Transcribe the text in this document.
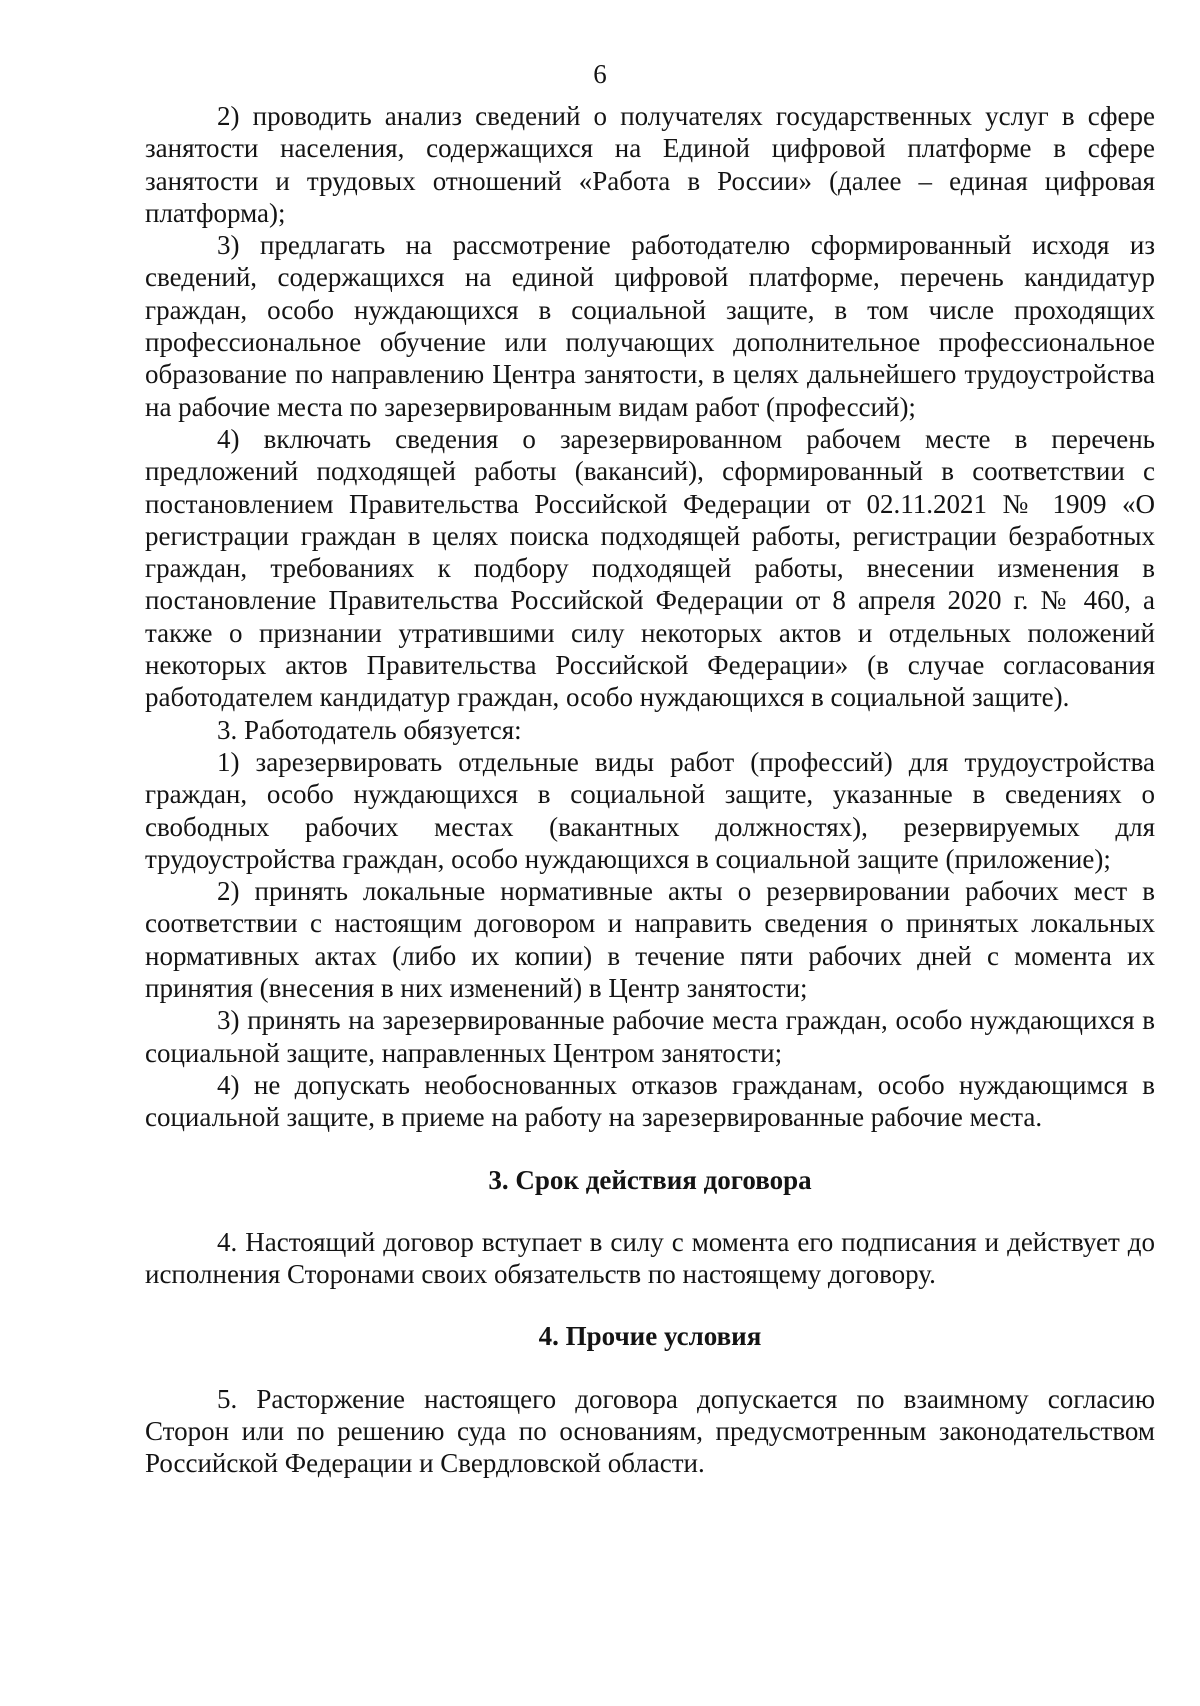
6

2) проводить анализ сведений о получателях государственных услуг в сфере занятости населения, содержащихся на Единой цифровой платформе в сфере занятости и трудовых отношений «Работа в России» (далее – единая цифровая платформа);

3) предлагать на рассмотрение работодателю сформированный исходя из сведений, содержащихся на единой цифровой платформе, перечень кандидатур граждан, особо нуждающихся в социальной защите, в том числе проходящих профессиональное обучение или получающих дополнительное профессиональное образование по направлению Центра занятости, в целях дальнейшего трудоустройства на рабочие места по зарезервированным видам работ (профессий);

4) включать сведения о зарезервированном рабочем месте в перечень предложений подходящей работы (вакансий), сформированный в соответствии с постановлением Правительства Российской Федерации от 02.11.2021 № 1909 «О регистрации граждан в целях поиска подходящей работы, регистрации безработных граждан, требованиях к подбору подходящей работы, внесении изменения в постановление Правительства Российской Федерации от 8 апреля 2020 г. № 460, а также о признании утратившими силу некоторых актов и отдельных положений некоторых актов Правительства Российской Федерации» (в случае согласования работодателем кандидатур граждан, особо нуждающихся в социальной защите).

3. Работодатель обязуется:

1) зарезервировать отдельные виды работ (профессий) для трудоустройства граждан, особо нуждающихся в социальной защите, указанные в сведениях о свободных рабочих местах (вакантных должностях), резервируемых для трудоустройства граждан, особо нуждающихся в социальной защите (приложение);

2) принять локальные нормативные акты о резервировании рабочих мест в соответствии с настоящим договором и направить сведения о принятых локальных нормативных актах (либо их копии) в течение пяти рабочих дней с момента их принятия (внесения в них изменений) в Центр занятости;

3) принять на зарезервированные рабочие места граждан, особо нуждающихся в социальной защите, направленных Центром занятости;

4) не допускать необоснованных отказов гражданам, особо нуждающимся в социальной защите, в приеме на работу на зарезервированные рабочие места.

3. Срок действия договора

4. Настоящий договор вступает в силу с момента его подписания и действует до исполнения Сторонами своих обязательств по настоящему договору.

4. Прочие условия

5. Расторжение настоящего договора допускается по взаимному согласию Сторон или по решению суда по основаниям, предусмотренным законодательством Российской Федерации и Свердловской области.
